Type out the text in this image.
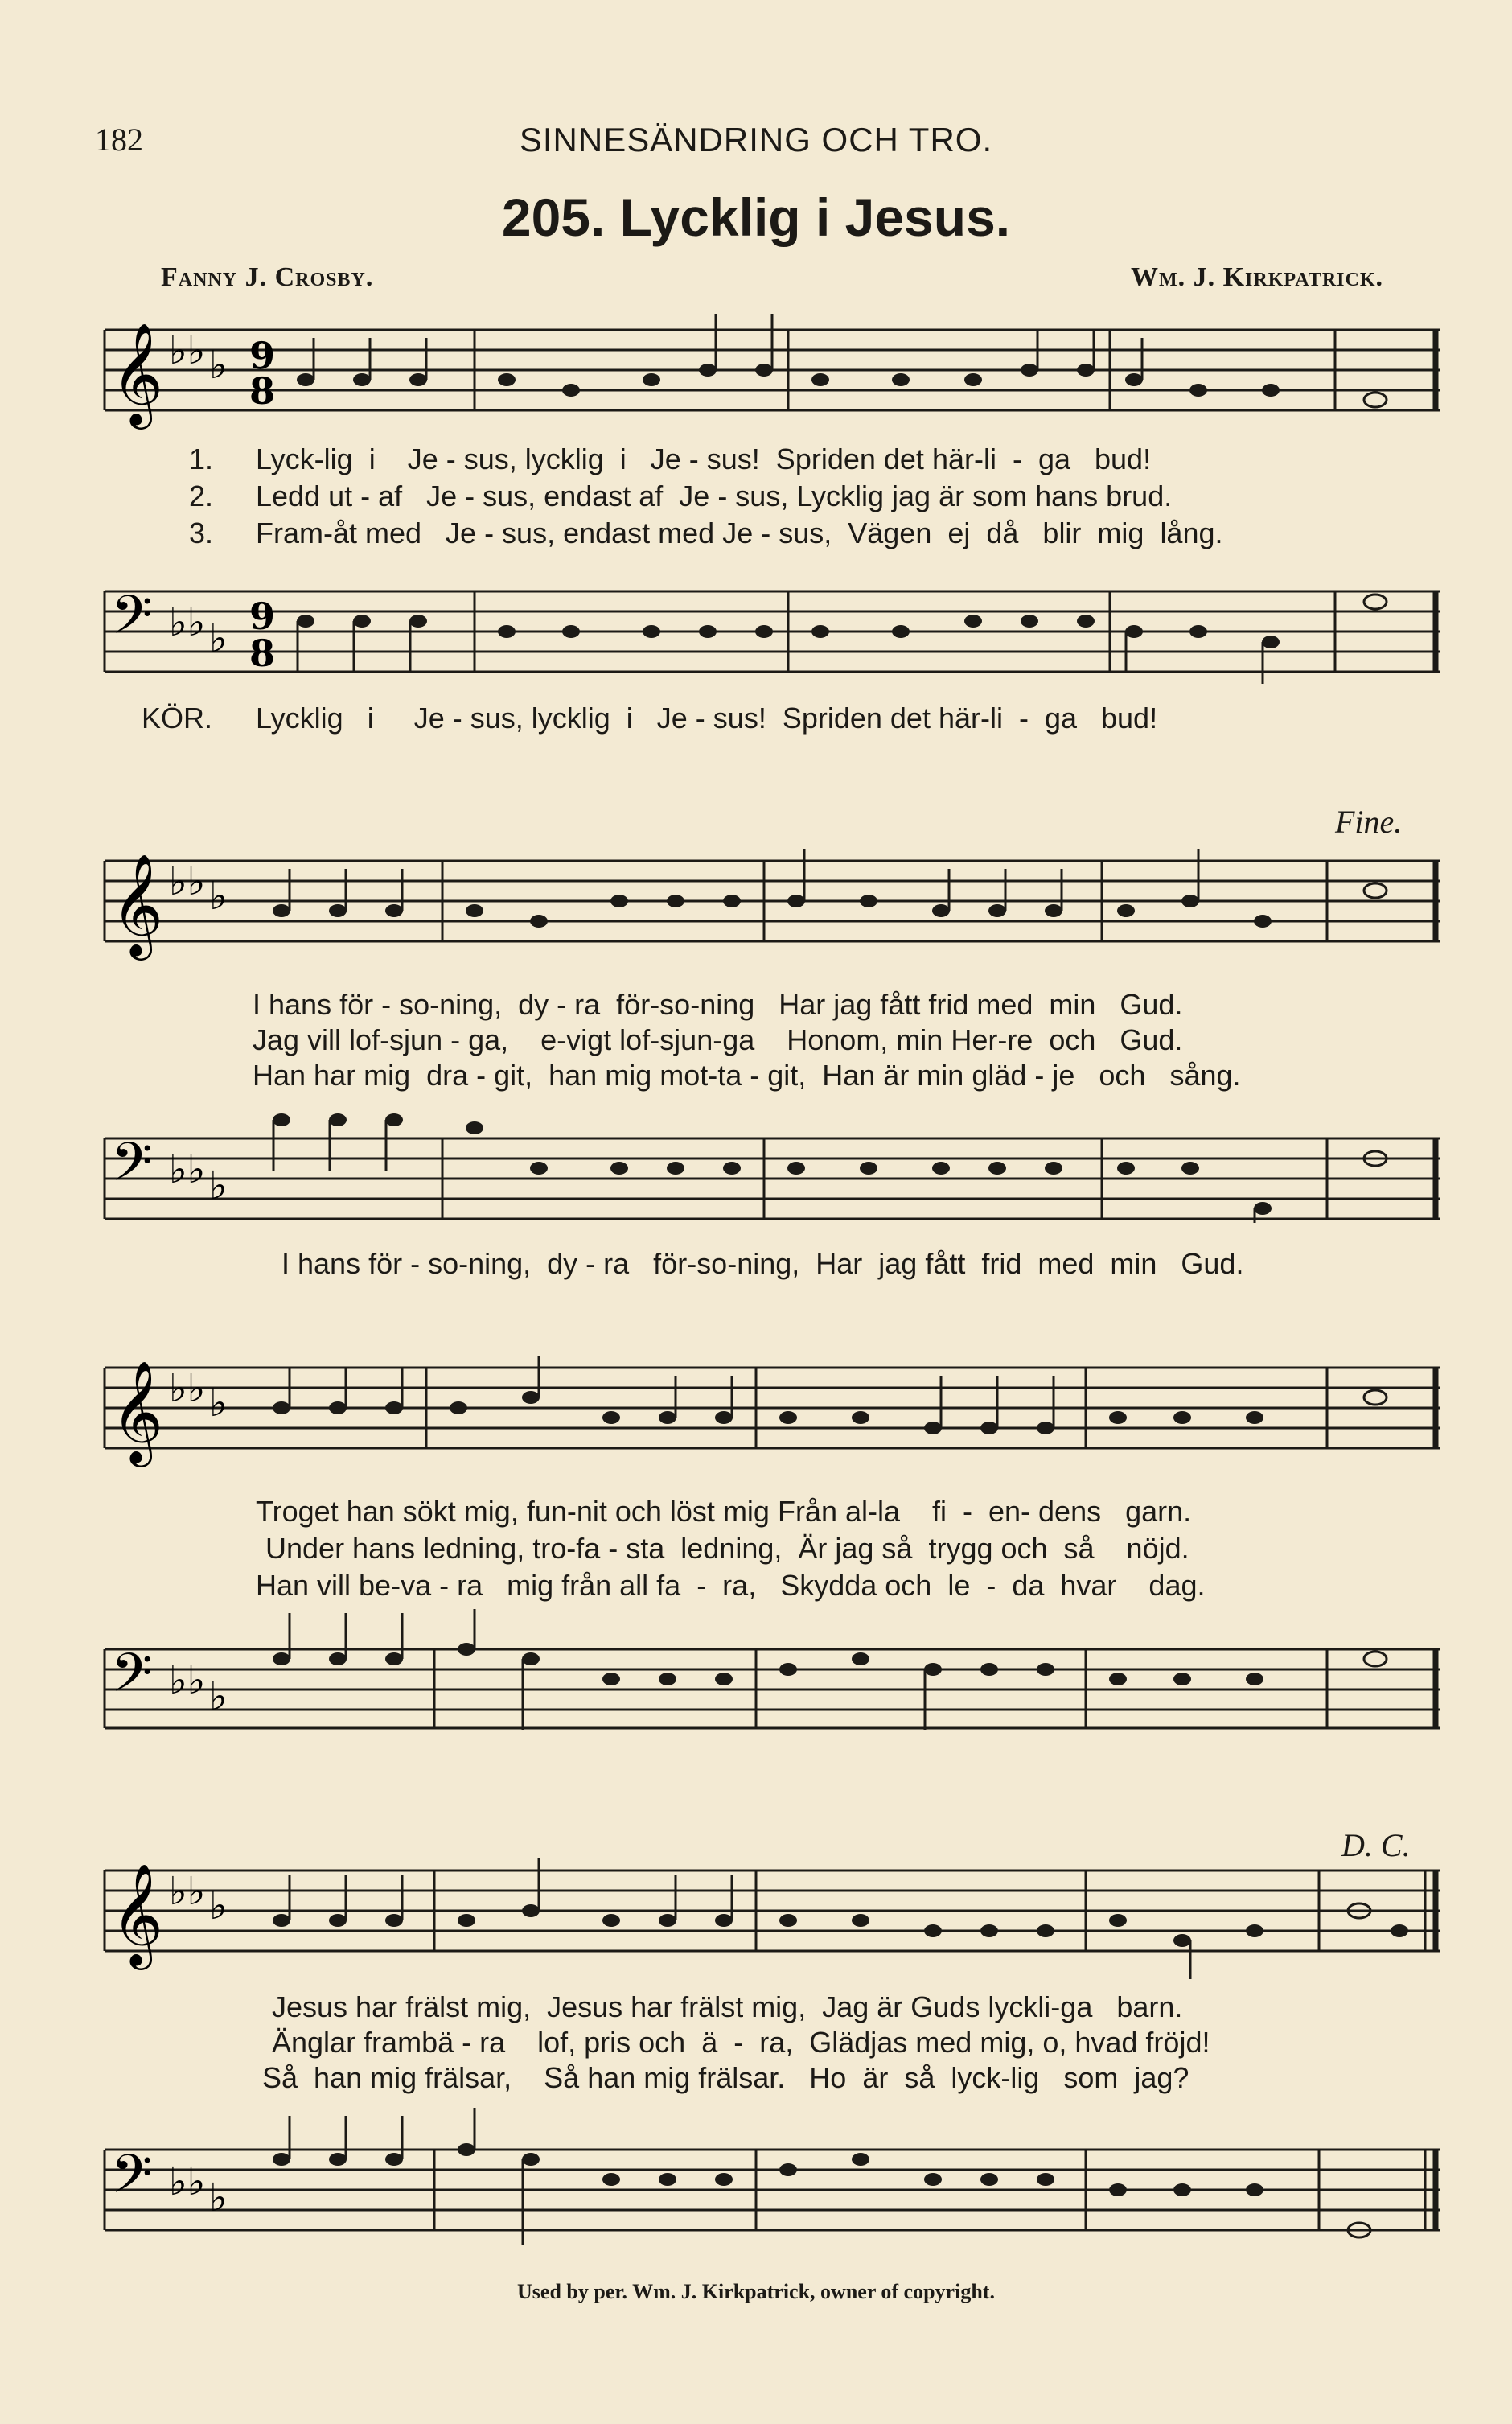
182	SINNESÄNDRING OCH TRO.
205. Lycklig i Jesus.
Fanny J. Crosby.	Wm. J. Kirkpatrick.
𝄞 ♭♭ ♭ 9
8
1.
2.
3.
Lyck-lig  i    Je - sus, lycklig  i   Je - sus!  Spriden det här-li  -  ga   bud!
Ledd ut - af   Je - sus, endast af  Je - sus, Lycklig jag är som hans brud.
Fram-åt med   Je - sus, endast med Je - sus,  Vägen  ej  då   blir  mig  lång.
𝄢 ♭♭ ♭ 9
8
KÖR. Lycklig   i     Je - sus, lycklig  i   Je - sus!  Spriden det här-li  -  ga   bud!
Fine.
𝄞 ♭♭ ♭
I hans för - so-ning,  dy - ra  för-so-ning   Har jag fått frid med  min   Gud.
Jag vill lof-sjun - ga,    e-vigt lof-sjun-ga    Honom, min Her-re  och   Gud.
Han har mig  dra - git,  han mig mot-ta - git,  Han är min gläd - je   och   sång.
𝄢 ♭♭ ♭
I hans för - so-ning,  dy - ra   för-so-ning,  Har  jag fått  frid  med  min   Gud.
𝄞 ♭♭ ♭
Troget han sökt mig, fun-nit och löst mig Från al-la    fi  -  en- dens   garn.
Under hans ledning, tro-fa - sta  ledning,  Är jag så  trygg och  så    nöjd.
Han vill be-va - ra   mig från all fa  -  ra,   Skydda och  le  -  da  hvar    dag.
𝄢 ♭♭ ♭
D. C.
𝄞 ♭♭ ♭
Jesus har frälst mig,  Jesus har frälst mig,  Jag är Guds lyckli-ga   barn.
Änglar frambä - ra    lof, pris och  ä  -  ra,  Glädjas med mig, o, hvad fröjd!
Så  han mig frälsar,    Så han mig frälsar.   Ho  är  så  lyck-lig   som  jag?
𝄢 ♭♭ ♭
Used by per. Wm. J. Kirkpatrick, owner of copyright.
